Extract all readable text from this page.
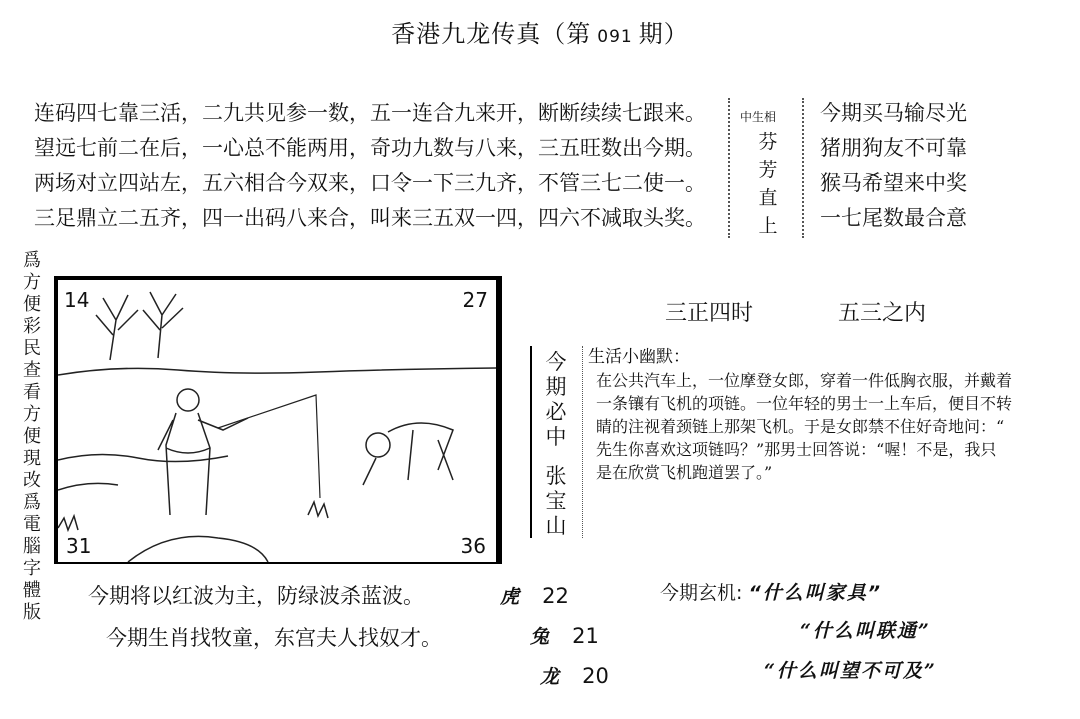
香港九龙传真（第 091 期）
连码四七靠三活，二九共见参一数，五一连合九来开，断断续续七跟来。
望远七前二在后，一心总不能两用，奇功九数与八来，三五旺数出今期。
两场对立四站左，五六相合今双来，口令一下三九齐，不管三七二使一。
三足鼎立二五齐，四一出码八来合，叫来三五双一四，四六不减取头奖。
中生相
芬
芳
直
上
今期买马输尽光
猪朋狗友不可靠
猴马希望来中奖
一七尾数最合意
爲
方
便
彩
民
查
看
方
便
現
改
爲
電
腦
字
體
版
14	27
31	36
三正四时	五三之内
今
期
必
中
张
宝
山

生活小幽默：

在公共汽车上，一位摩登女郎，穿着一件低胸衣服，并戴着

一条镶有飞机的项链。一位年轻的男士一上车后，便目不转

睛的注视着颈链上那架飞机。于是女郎禁不住好奇地问：“

先生你喜欢这项链吗？”那男士回答说：“喔！不是，我只

是在欣赏飞机跑道罢了。”

今期将以红波为主，防绿波杀蓝波。
今期生肖找牧童，东宫夫人找奴才。
虎 22
兔 21
龙 20
今期玄机: “什么叫家具”
“什么叫联通”
“什么叫望不可及”
